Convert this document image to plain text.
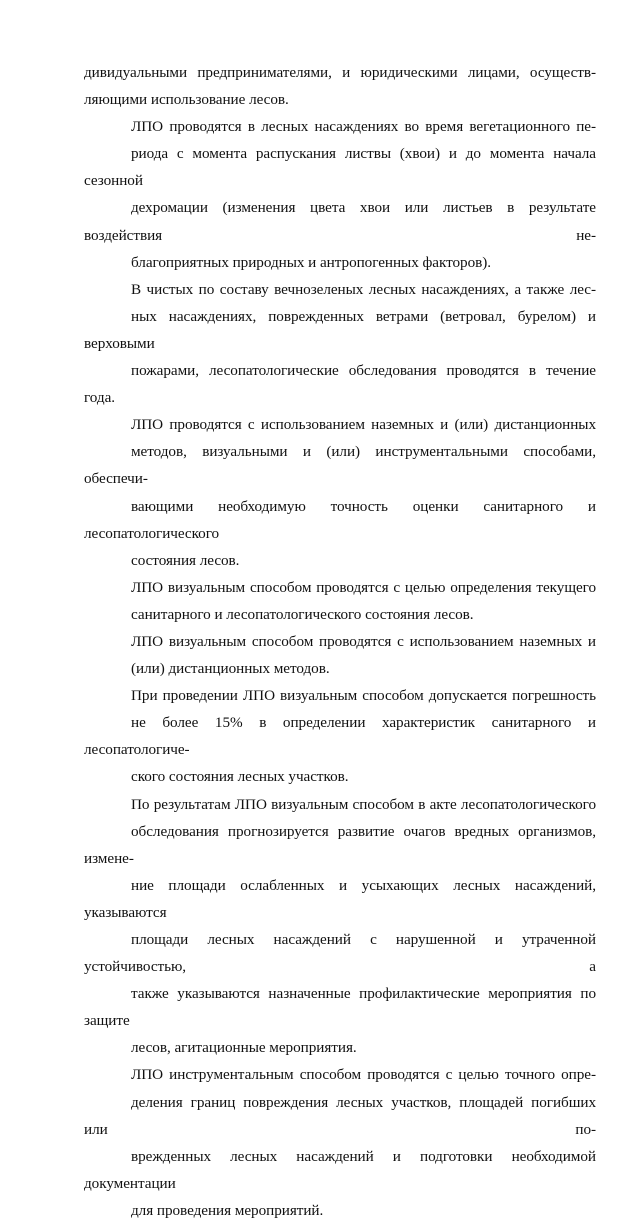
дивидуальными предпринимателями, и юридическими лицами, осуществ-
ляющими использование лесов.

ЛПО проводятся в лесных насаждениях во время вегетационного пе-
риода с момента распускания листвы (хвои) и до момента начала сезонной
дехромации (изменения цвета хвои или листьев в результате воздействия не-
благоприятных природных и антропогенных факторов).

В чистых по составу вечнозеленых лесных насаждениях, а также лес-
ных насаждениях, поврежденных ветрами (ветровал, бурелом) и верховыми
пожарами, лесопатологические обследования проводятся в течение года.

ЛПО проводятся с использованием наземных и (или) дистанционных
методов, визуальными и (или) инструментальными способами, обеспечи-
вающими необходимую точность оценки санитарного и лесопатологического
состояния лесов.

ЛПО визуальным способом проводятся с целью определения текущего
санитарного и лесопатологического состояния лесов.

ЛПО визуальным способом проводятся с использованием наземных и
(или) дистанционных методов.

При проведении ЛПО визуальным способом допускается погрешность
не более 15% в определении характеристик санитарного и лесопатологиче-
ского состояния лесных участков.

По результатам ЛПО визуальным способом в акте лесопатологического
обследования прогнозируется развитие очагов вредных организмов, измене-
ние площади ослабленных и усыхающих лесных насаждений, указываются
площади лесных насаждений с нарушенной и утраченной устойчивостью, а
также указываются назначенные профилактические мероприятия по защите
лесов, агитационные мероприятия.

ЛПО инструментальным способом проводятся с целью точного опре-
деления границ повреждения лесных участков, площадей погибших или по-
врежденных лесных насаждений и подготовки необходимой документации
для проведения мероприятий.
